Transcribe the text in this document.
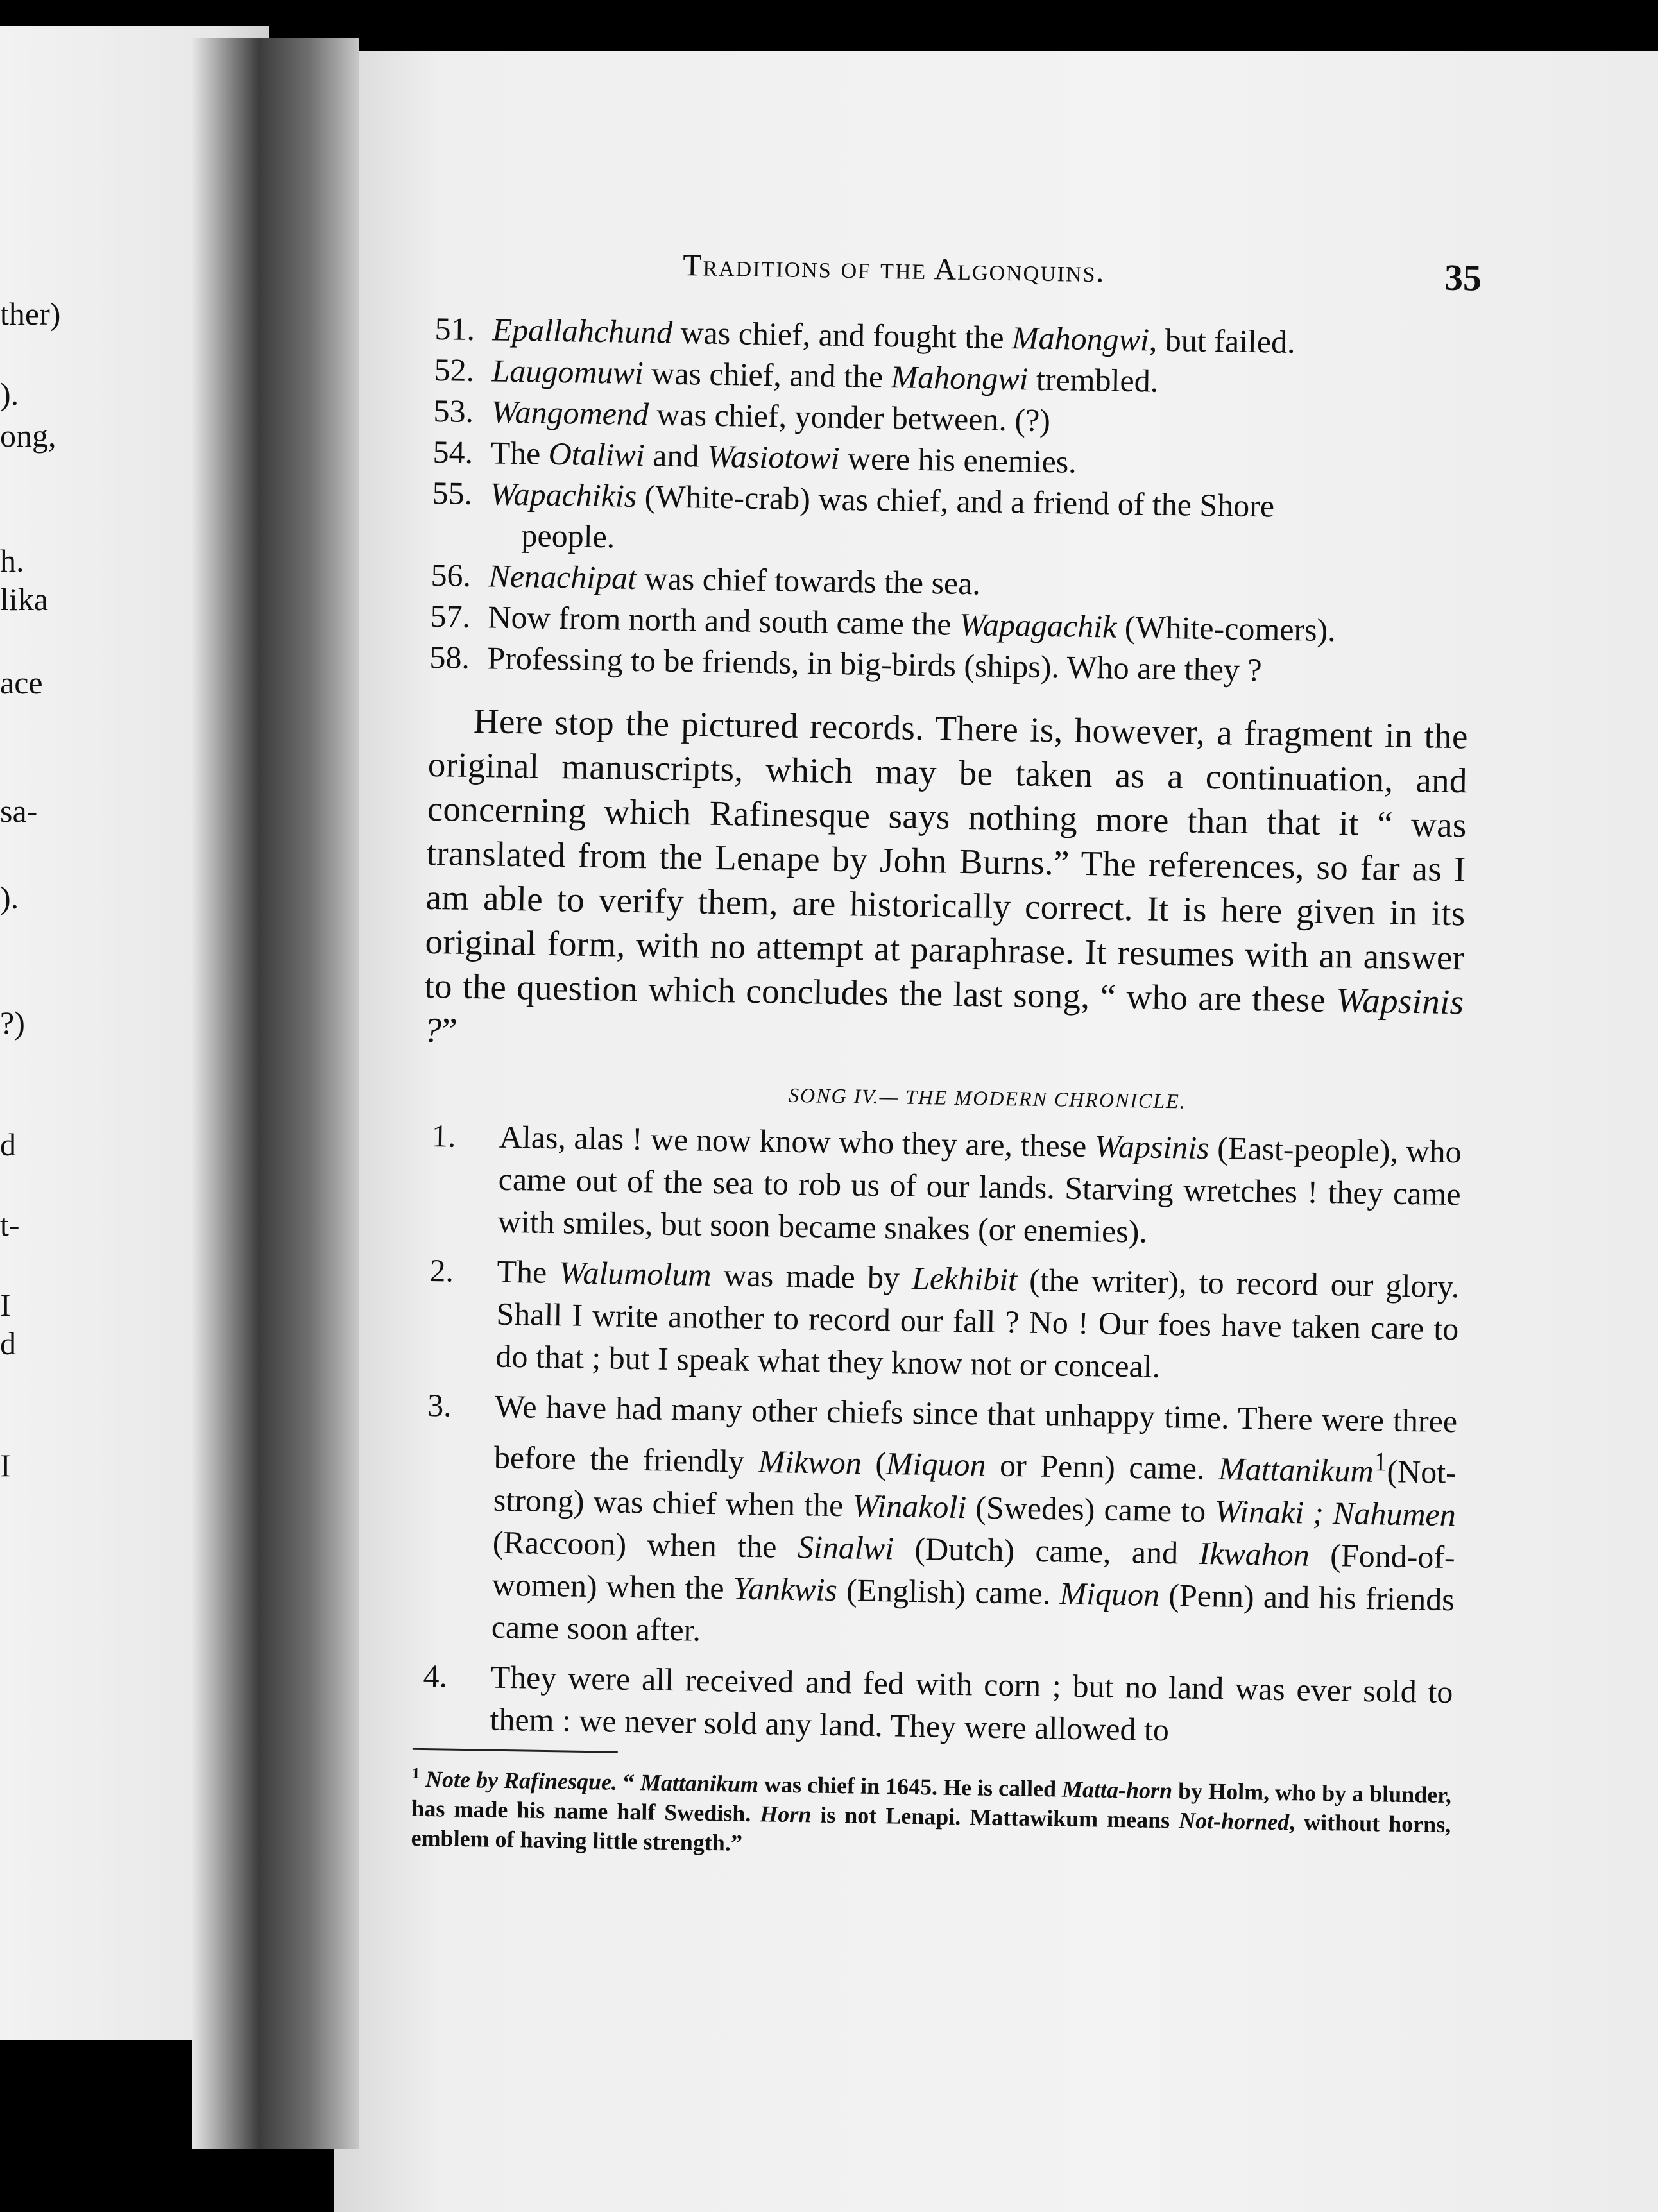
ther)
).
ong,
h.
lika
ace
sa-
).
?)
d
t-
I
d
I
Traditions of the Algonquins.	35
51. Epallahchund was chief, and fought the Mahongwi, but failed.
52. Laugomuwi was chief, and the Mahongwi trembled.
53. Wangomend was chief, yonder between. (?)
54. The Otaliwi and Wasiotowi were his enemies.
55. Wapachikis (White-crab) was chief, and a friend of the Shore
people.
56. Nenachipat was chief towards the sea.
57. Now from north and south came the Wapagachik (White-comers).
58. Professing to be friends, in big-birds (ships). Who are they ?
Here stop the pictured records. There is, however, a fragment in the original manuscripts, which may be taken as a continuation, and concerning which Rafinesque says nothing more than that it “ was translated from the Lenape by John Burns.” The references, so far as I am able to verify them, are historically correct. It is here given in its original form, with no attempt at paraphrase. It resumes with an answer to the question which concludes the last song, “ who are these Wapsinis ?”
SONG IV.— THE MODERN CHRONICLE.
1. Alas, alas ! we now know who they are, these Wapsinis (East-people), who came out of the sea to rob us of our lands. Starving wretches ! they came with smiles, but soon became snakes (or enemies).
2. The Walumolum was made by Lekhibit (the writer), to record our glory. Shall I write another to record our fall ? No ! Our foes have taken care to do that ; but I speak what they know not or conceal.
3. We have had many other chiefs since that unhappy time. There were three before the friendly Mikwon (Miquon or Penn) came. Mattanikum$^1$(Not-strong) was chief when the Winakoli (Swedes) came to Winaki ; Nahumen (Raccoon) when the Sinalwi (Dutch) came, and Ikwahon (Fond-of-women) when the Yankwis (English) came. Miquon (Penn) and his friends came soon after.
4. They were all received and fed with corn ; but no land was ever sold to them : we never sold any land. They were allowed to
$^1$ Note by Rafinesque. “ Mattanikum was chief in 1645. He is called Matta-horn by Holm, who by a blunder, has made his name half Swedish. Horn is not Lenapi. Mattawikum means Not-horned, without horns, emblem of having little strength.”
